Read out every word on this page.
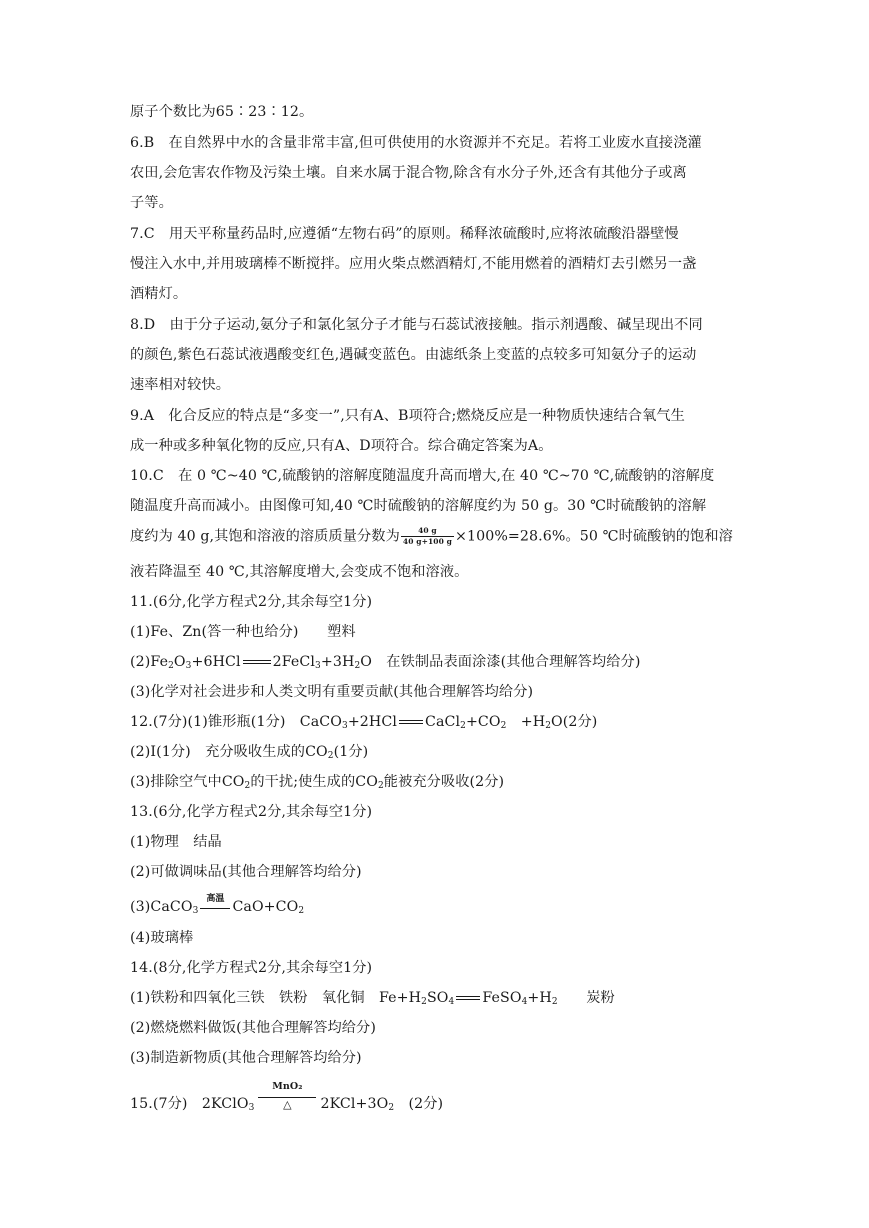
原子个数比为65∶23∶12。
6.B　在自然界中水的含量非常丰富,但可供使用的水资源并不充足。若将工业废水直接浇灌
农田,会危害农作物及污染土壤。自来水属于混合物,除含有水分子外,还含有其他分子或离
子等。
7.C　用天平称量药品时,应遵循“左物右码”的原则。稀释浓硫酸时,应将浓硫酸沿器壁慢
慢注入水中,并用玻璃棒不断搅拌。应用火柴点燃酒精灯,不能用燃着的酒精灯去引燃另一盏
酒精灯。
8.D　由于分子运动,氨分子和氯化氢分子才能与石蕊试液接触。指示剂遇酸、碱呈现出不同
的颜色,紫色石蕊试液遇酸变红色,遇碱变蓝色。由滤纸条上变蓝的点较多可知氨分子的运动
速率相对较快。
9.A　化合反应的特点是“多变一”,只有A、B项符合;燃烧反应是一种物质快速结合氧气生
成一种或多种氧化物的反应,只有A、D项符合。综合确定答案为A。
10.C　在 0 ℃~40 ℃,硫酸钠的溶解度随温度升高而增大,在 40 ℃~70 ℃,硫酸钠的溶解度
随温度升高而减小。由图像可知,40 ℃时硫酸钠的溶解度约为 50 g。30 ℃时硫酸钠的溶解
度约为 40 g,其饱和溶液的溶质质量分数为 $\frac{40 g}{40 g+100 g} \times 100\%=28.6\%$。50 ℃时硫酸钠的饱和溶
液若降温至 40 ℃,其溶解度增大,会变成不饱和溶液。
11.(6分,化学方程式2分,其余每空1分)
(1)Fe、Zn(答一种也给分)　　塑料
$(2)Fe_2O_3+6HCl$ $2FeCl_3+3H_2O$　在铁制品表面涂漆(其他合理解答均给分)
(3)化学对社会进步和人类文明有重要贡献(其他合理解答均给分)
12.(7分)(1)锥形瓶(1分)　CaCO$_3$+2HCl $CaCl_2+CO_2$　$+H_2O(2$分)
(2)Ⅰ(1分)　充分吸收生成的$CO_2(1$分)
(3)排除空气中$CO_2$的干扰;使生成的$CO_2$能被充分吸收(2分)
13.(6分,化学方程式2分,其余每空1分)
(1)物理　结晶
(2)可做调味品(其他合理解答均给分)
(3)CaCO$_3$
高温 $CaO+CO_2$
(4)玻璃棒
14.(8分,化学方程式2分,其余每空1分)
(1)铁粉和四氧化三铁　铁粉　氧化铜　$Fe+H_2SO_4$ $FeSO_4+H_2$　　炭粉
(2)燃烧燃料做饭(其他合理解答均给分)
(3)制造新物质(其他合理解答均给分)
15.(7分)　2KClO$_3$
MnO₂
△	$2KCl+3O_2$　(2分)
